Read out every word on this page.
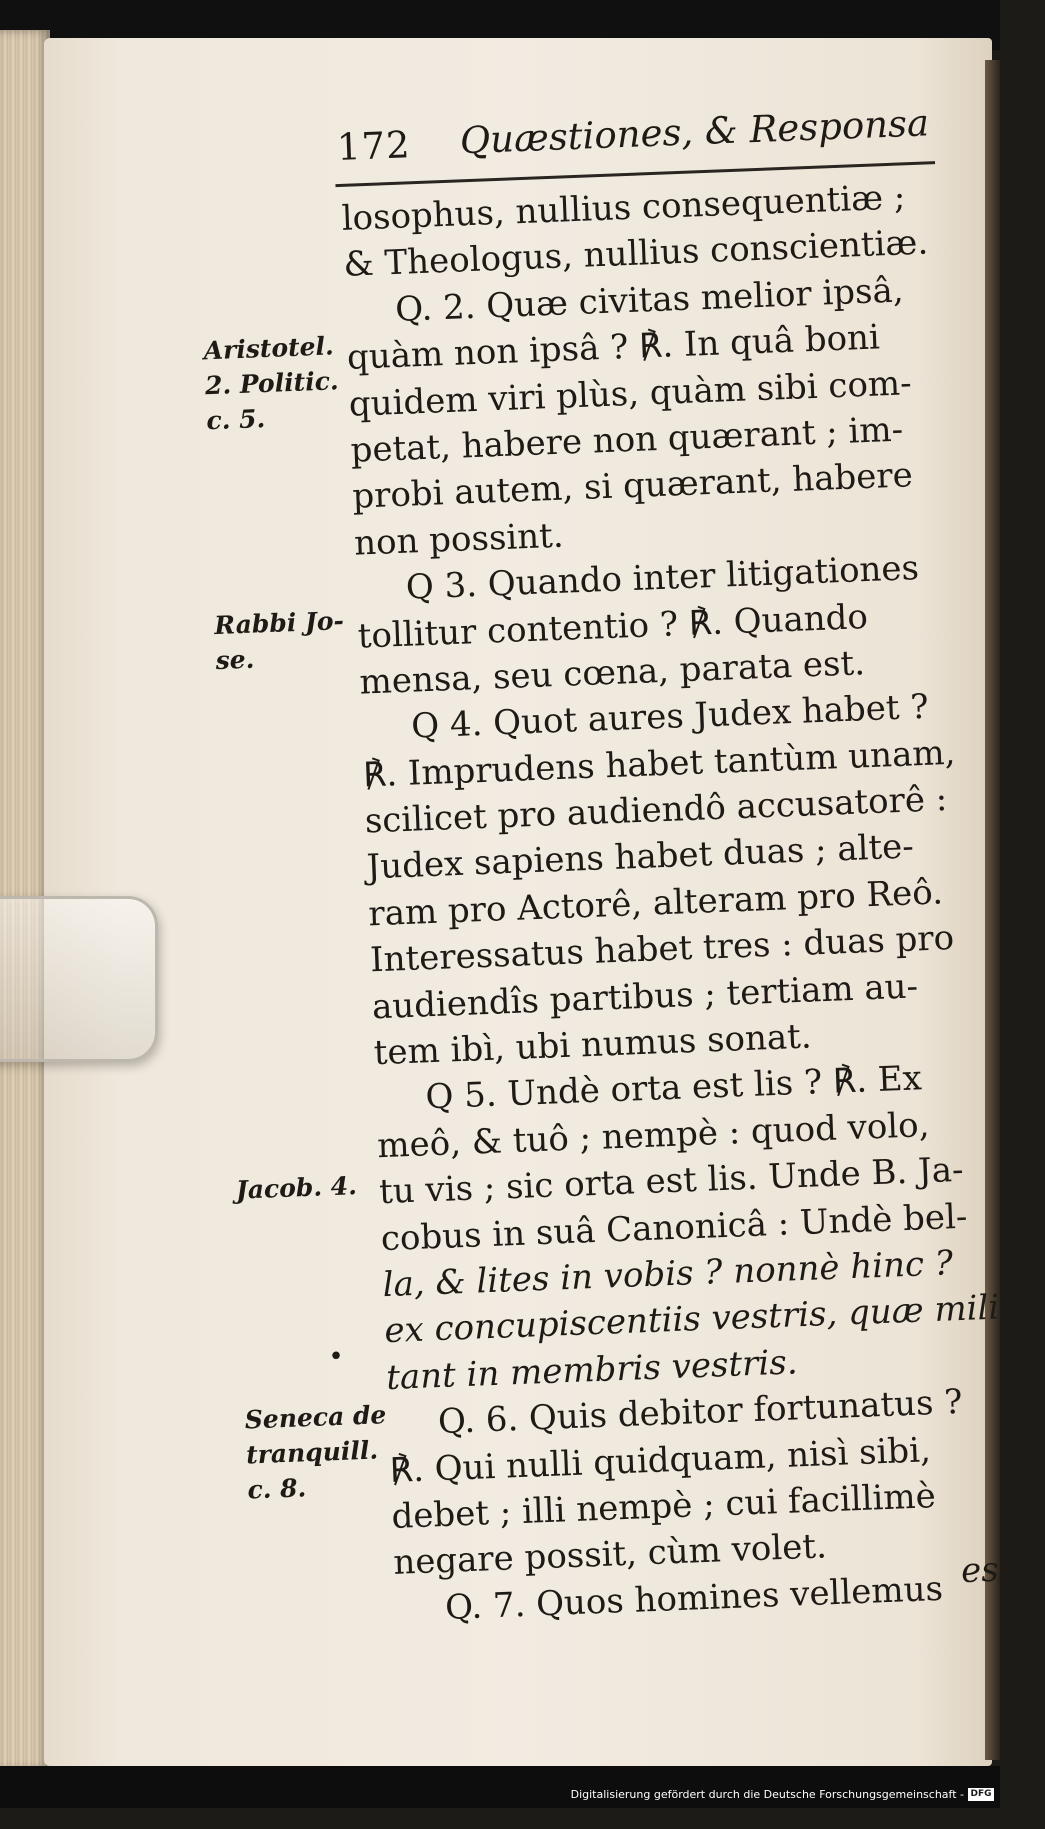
172 Quæstiones, & Responsa
losophus, nullius consequentiæ ;
& Theologus, nullius conscientiæ.
Q. 2. Quæ civitas melior ipsâ,
quàm non ipsâ ? ℟. In quâ boni
quidem viri plùs, quàm sibi com-
petat, habere non quærant ; im-
probi autem, si quærant, habere
non possint.
Q 3. Quando inter litigationes
tollitur contentio ? ℟. Quando
mensa, seu cœna, parata est.
Q 4. Quot aures Judex habet ?
℟. Imprudens habet tantùm unam,
scilicet pro audiendô accusatorê :
Judex sapiens habet duas ; alte-
ram pro Actorê, alteram pro Reô.
Interessatus habet tres : duas pro
audiendîs partibus ; tertiam au-
tem ibì, ubi numus sonat.
Q 5. Undè orta est lis ? ℟. Ex
meô, & tuô ; nempè : quod volo,
tu vis ; sic orta est lis. Unde B. Ja-
cobus in suâ Canonicâ : Undè bel-
la, & lites in vobis ? nonnè hinc ?
ex concupiscentiis vestris, quæ mili-
tant in membris vestris.
Q. 6. Quis debitor fortunatus ?
℟. Qui nulli quidquam, nisì sibi,
debet ; illi nempè ; cui facillimè
negare possit, cùm volet.
Q. 7. Quos homines vellemus
Aristotel.
2. Politic.
c. 5.
Rabbi Jo-
se.
Jacob. 4.
Seneca de
tranquill.
c. 8.
•
esse
Digitalisierung gefördert durch die Deutsche Forschungsgemeinschaft - DFG
